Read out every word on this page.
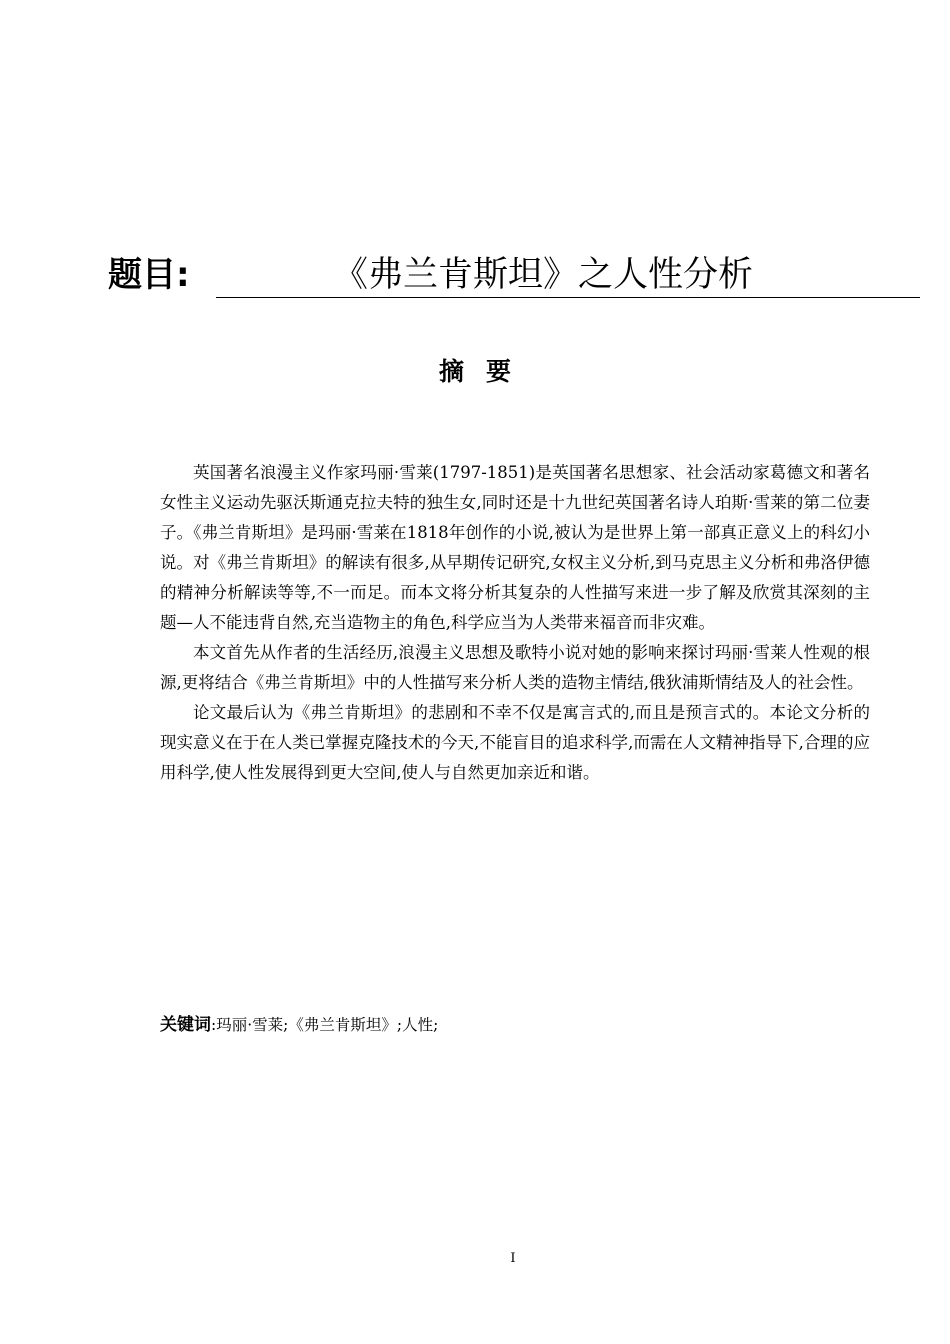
题目:	《弗兰肯斯坦》之人性分析
摘要

英国著名浪漫主义作家玛丽·雪莱(1797-1851)是英国著名思想家、社会活动家葛德文和著名女性主义运动先驱沃斯通克拉夫特的独生女,同时还是十九世纪英国著名诗人珀斯·雪莱的第二位妻子。《弗兰肯斯坦》是玛丽·雪莱在1818年创作的小说,被认为是世界上第一部真正意义上的科幻小说。对《弗兰肯斯坦》的解读有很多,从早期传记研究,女权主义分析,到马克思主义分析和弗洛伊德的精神分析解读等等,不一而足。而本文将分析其复杂的人性描写来进一步了解及欣赏其深刻的主题—人不能违背自然,充当造物主的角色,科学应当为人类带来福音而非灾难。

本文首先从作者的生活经历,浪漫主义思想及歌特小说对她的影响来探讨玛丽·雪莱人性观的根源,更将结合《弗兰肯斯坦》中的人性描写来分析人类的造物主情结,俄狄浦斯情结及人的社会性。

论文最后认为《弗兰肯斯坦》的悲剧和不幸不仅是寓言式的,而且是预言式的。本论文分析的现实意义在于在人类已掌握克隆技术的今天,不能盲目的追求科学,而需在人文精神指导下,合理的应用科学,使人性发展得到更大空间,使人与自然更加亲近和谐。

关键词:玛丽·雪莱;《弗兰肯斯坦》;人性;
I
